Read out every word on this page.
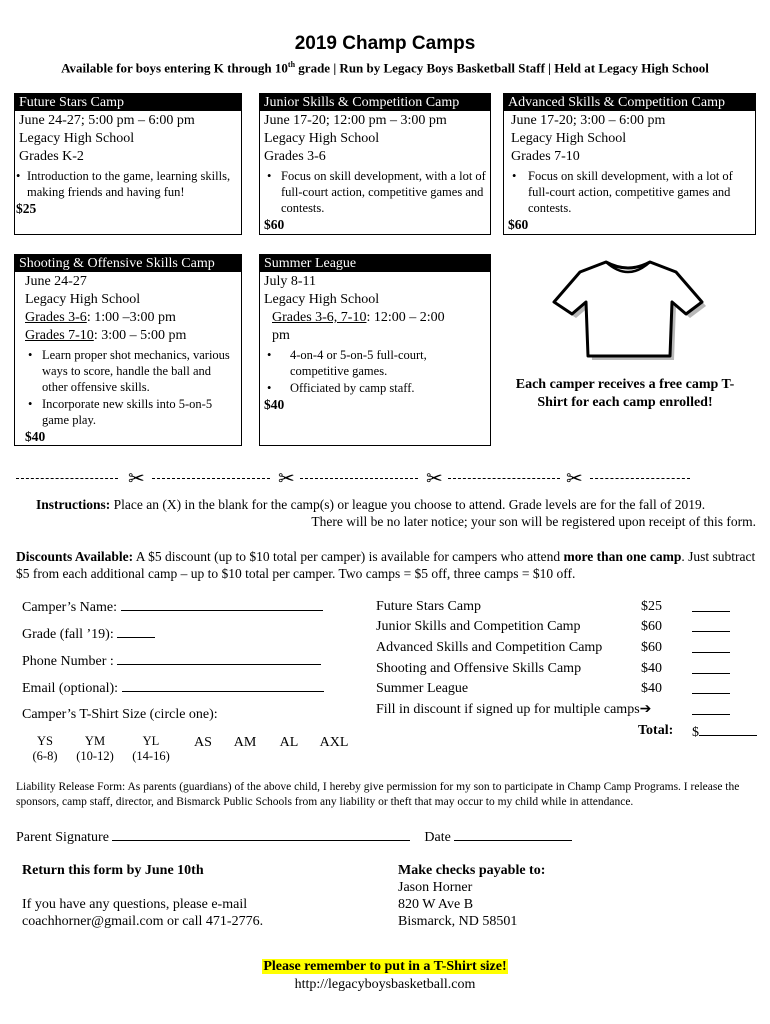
2019 Champ Camps
Available for boys entering K through 10th grade | Run by Legacy Boys Basketball Staff | Held at Legacy High School
Future Stars Camp
June 24-27; 5:00 pm – 6:00 pm
Legacy High School
Grades K-2
• Introduction to the game, learning skills, making friends and having fun!
$25
Junior Skills & Competition Camp
June 17-20; 12:00 pm – 3:00 pm
Legacy High School
Grades 3-6
• Focus on skill development, with a lot of full-court action, competitive games and contests.
$60
Advanced Skills & Competition Camp
June 17-20; 3:00 – 6:00 pm
Legacy High School
Grades 7-10
• Focus on skill development, with a lot of full-court action, competitive games and contests.
$60
Shooting & Offensive Skills Camp
June 24-27
Legacy High School
Grades 3-6: 1:00 –3:00 pm
Grades 7-10: 3:00 – 5:00 pm
• Learn proper shot mechanics, various ways to score, handle the ball and other offensive skills.
• Incorporate new skills into 5-on-5 game play.
$40
Summer League
July 8-11
Legacy High School
Grades 3-6, 7-10: 12:00 – 2:00
pm
• 4-on-4 or 5-on-5 full-court, competitive games.
• Officiated by camp staff.
$40
Each camper receives a free camp T-
Shirt for each camp enrolled!
✂	✂	✂	✂
Instructions: Place an (X) in the blank for the camp(s) or league you choose to attend. Grade levels are for the fall of 2019.
There will be no later notice; your son will be registered upon receipt of this form.
Discounts Available: A $5 discount (up to $10 total per camper) is available for campers who attend more than one camp. Just subtract $5 from each additional camp – up to $10 total per camper. Two camps = $5 off, three camps = $10 off.
Camper’s Name:
Grade (fall ’19):
Phone Number :
Email (optional):
Camper’s T-Shirt Size (circle one):
YS
(6-8)
YM
(10-12)
YL
(14-16)
AS	AM AL AXL
Future Stars Camp	$25
Junior Skills and Competition Camp	$60
Advanced Skills and Competition Camp	$60
Shooting and Offensive Skills Camp	$40
Summer League	$40
Fill in discount if signed up for multiple camps➔
Total: $
Liability Release Form: As parents (guardians) of the above child, I hereby give permission for my son to participate in Champ Camp Programs. I release the sponsors, camp staff, director, and Bismarck Public Schools from any liability or theft that may occur to my child while in attendance.
Parent Signature	Date
Return this form by June 10th
If you have any questions, please e-mail
coachhorner@gmail.com or call 471-2776.
Make checks payable to:
Jason Horner
820 W Ave B
Bismarck, ND 58501
Please remember to put in a T-Shirt size!
http://legacyboysbasketball.com
